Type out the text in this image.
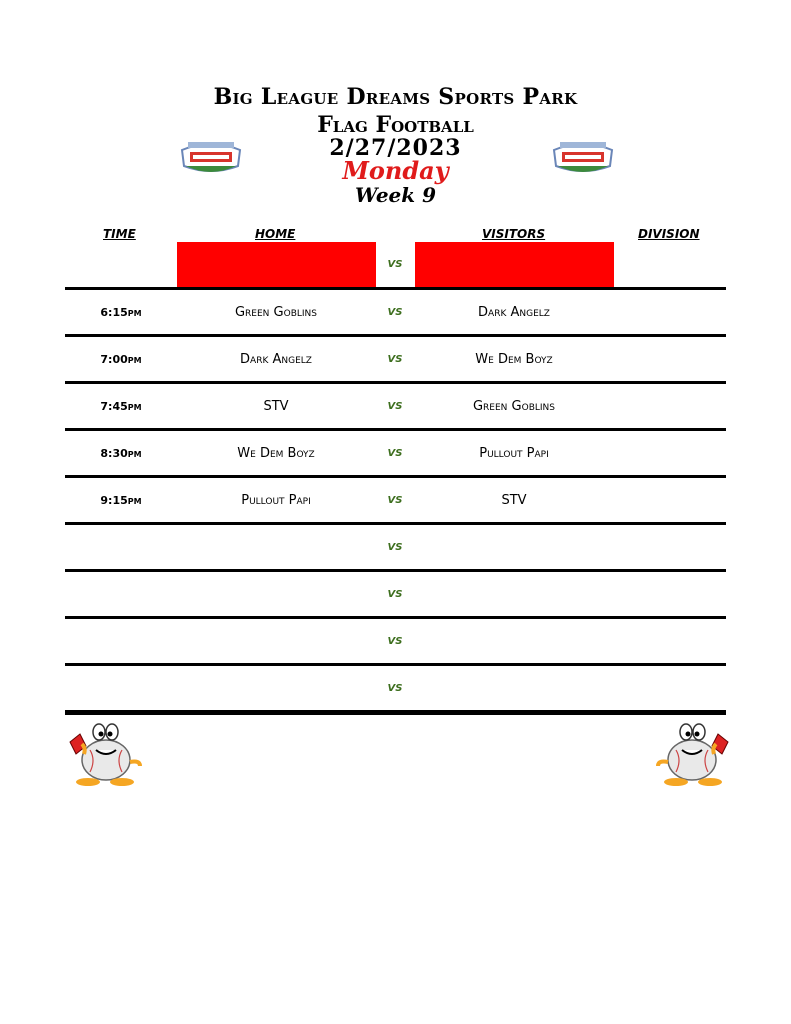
Big League Dreams Sports Park
Flag Football
2/27/2023
Monday
Week 9
TIME	HOME	VISITORS	DIVISION
VS
6:15pm	Green Goblins	VS	Dark Angelz
7:00pm	Dark Angelz	VS	We Dem Boyz
7:45pm	STV	VS	Green Goblins
8:30pm	We Dem Boyz	VS	Pullout Papi
9:15pm	Pullout Papi	VS	STV
VS
VS
VS
VS
